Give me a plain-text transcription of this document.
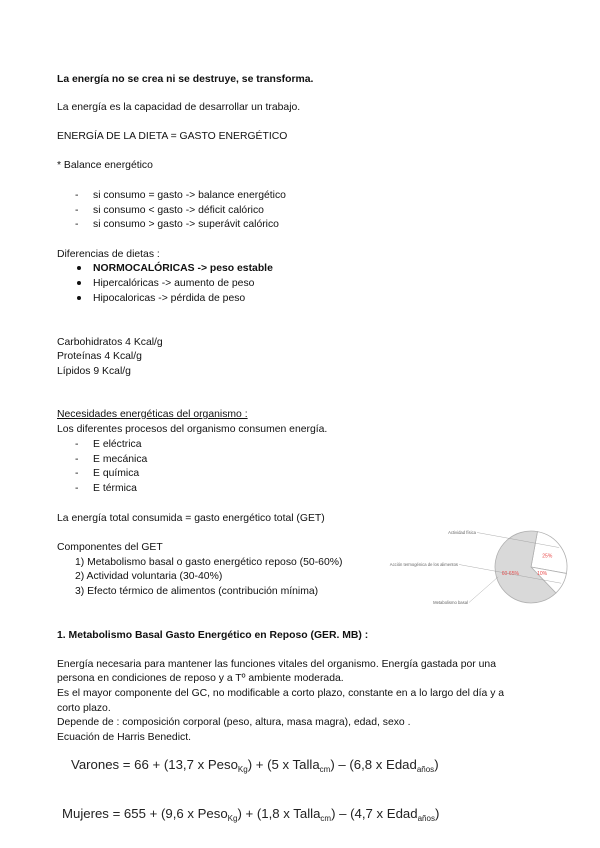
La energía no se crea ni se destruye, se transforma.
La energía es la capacidad de desarrollar un trabajo.
ENERGÍA DE LA DIETA = GASTO ENERGÉTICO
* Balance energético
- si consumo = gasto -> balance energético
- si consumo < gasto -> déficit calórico
- si consumo > gasto -> superávit calórico
Diferencias de dietas :
NORMOCALÓRICAS -> peso estable
Hipercalóricas -> aumento de peso
Hipocaloricas -> pérdida de peso
Carbohidratos 4 Kcal/g
Proteínas 4 Kcal/g
Lípidos 9 Kcal/g
Necesidades energéticas del organismo :
Los diferentes procesos del organismo consumen energía.
- E eléctrica
- E mecánica
- E química
- E térmica
La energía total consumida = gasto energético total (GET)
Componentes del GET
1) Metabolismo basal o gasto energético reposo (50-60%)
2) Actividad voluntaria (30-40%)
3) Efecto térmico de alimentos (contribución mínima)
25%
10%
60-65%
Actividad física
Acción termogénica de los alimentos
Metabolismo basal
1. Metabolismo Basal Gasto Energético en Reposo (GER. MB) :
Energía necesaria para mantener las funciones vitales del organismo. Energía gastada por una
persona en condiciones de reposo y a Tº ambiente moderada.
Es el mayor componente del GC, no modificable a corto plazo, constante en a lo largo del día y a
corto plazo.
Depende de : composición corporal (peso, altura, masa magra), edad, sexo .
Ecuación de Harris Benedict.
Varones = 66 + (13,7 x Peso$_{Kg}$) + (5 x Talla$_{cm}$) – (6,8 x Edad$_{años}$)
Mujeres = 655 + (9,6 x Peso$_{Kg}$) + (1,8 x Talla$_{cm}$) – (4,7 x Edad$_{años}$)
